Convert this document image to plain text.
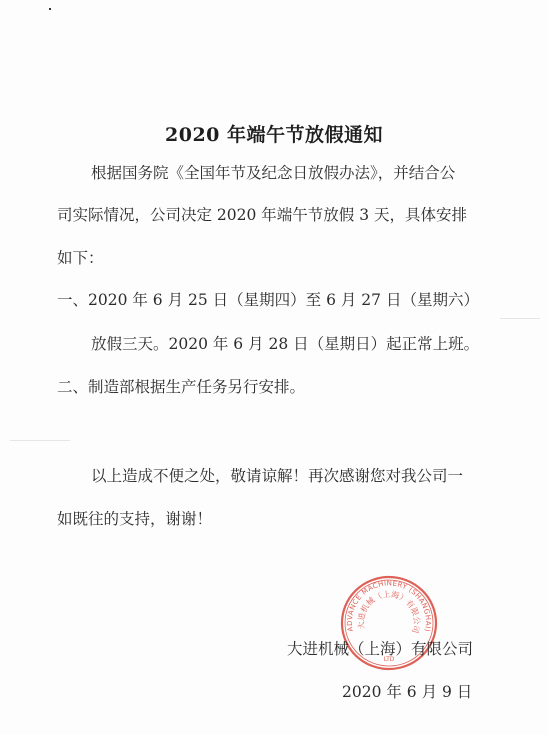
2020 年端午节放假通知
根据国务院《全国年节及纪念日放假办法》，并结合公
司实际情况，公司决定 2020 年端午节放假 3 天，具体安排
如下：
一、2020 年 6 月 25 日（星期四）至 6 月 27 日（星期六）
放假三天。2020 年 6 月 28 日（星期日）起正常上班。
二、制造部根据生产任务另行安排。
以上造成不便之处，敬请谅解！再次感谢您对我公司一
如既往的支持，谢谢！
ADVANCE MACHINERY (SHANGHAI)
大进机械（上海）有限公司
LTD
大进机械（上海）有限公司
2020 年 6 月 9 日
